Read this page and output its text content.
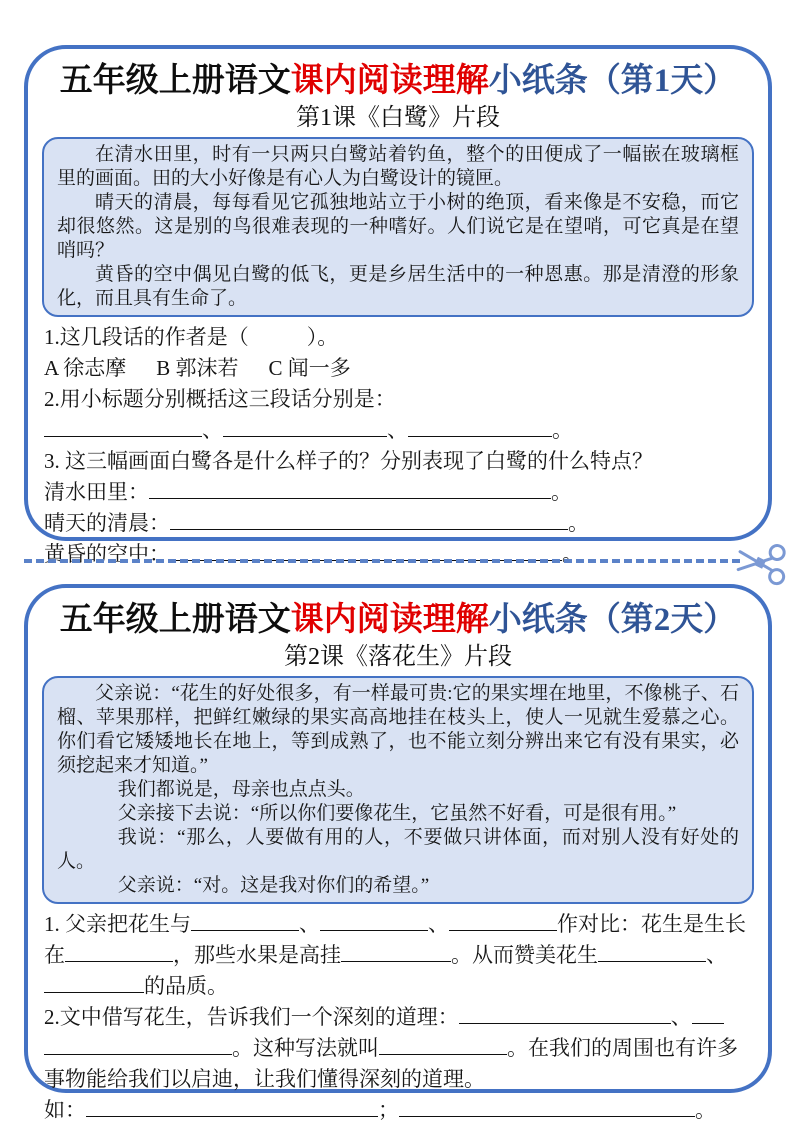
五年级上册语文课内阅读理解小纸条（第1天）
第1课《白鹭》片段

在清水田里，时有一只两只白鹭站着钓鱼，整个的田便成了一幅嵌在玻璃框里的画面。田的大小好像是有心人为白鹭设计的镜匣。

晴天的清晨，每每看见它孤独地站立于小树的绝顶，看来像是不安稳，而它却很悠然。这是别的鸟很难表现的一种嗜好。人们说它是在望哨，可它真是在望哨吗？

黄昏的空中偶见白鹭的低飞，更是乡居生活中的一种恩惠。那是清澄的形象化，而且具有生命了。

1.这几段话的作者是（	）。
A 徐志摩 B 郭沫若 C 闻一多
2.用小标题分别概括这三段话分别是：
、	、	。
3. 这三幅画面白鹭各是什么样子的？分别表现了白鹭的什么特点？
清水田里：	。
晴天的清晨：	。
黄昏的空中：	。
五年级上册语文课内阅读理解小纸条（第2天）
第2课《落花生》片段

父亲说：“花生的好处很多，有一样最可贵:它的果实埋在地里，不像桃子、石榴、苹果那样，把鲜红嫩绿的果实高高地挂在枝头上，使人一见就生爱慕之心。你们看它矮矮地长在地上，等到成熟了，也不能立刻分辨出来它有没有果实，必须挖起来才知道。”

我们都说是，母亲也点点头。

父亲接下去说：“所以你们要像花生，它虽然不好看，可是很有用。”

我说：“那么，人要做有用的人，不要做只讲体面，而对别人没有好处的人。

父亲说：“对。这是我对你们的希望。”

1. 父亲把花生与	、	、	作对比：花生是生长
在	，那些水果是高挂	。从而赞美花生	、
的品质。
2.文中借写花生，告诉我们一个深刻的道理：	、
。这种写法就叫	。在我们的周围也有许多
事物能给我们以启迪，让我们懂得深刻的道理。
如：	；	。
